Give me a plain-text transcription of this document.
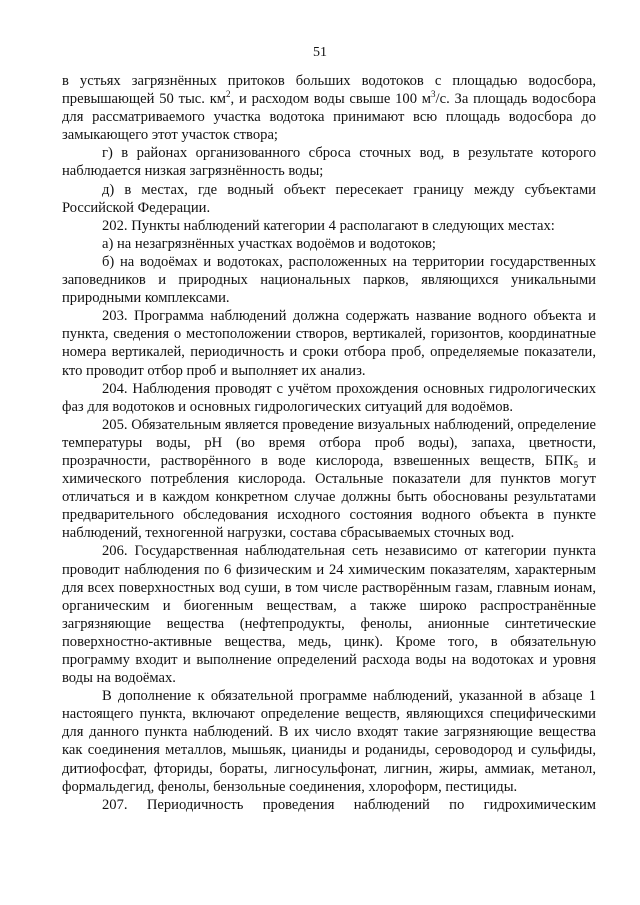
51

в устьях загрязнённых притоков больших водотоков с площадью водосбора, превышающей 50 тыс. $км^2$, и расходом воды свыше 100 $м^3/с$. За площадь водосбора для рассматриваемого участка водотока принимают всю площадь водосбора до замыкающего этот участок створа;

г) в районах организованного сброса сточных вод, в результате которого наблюдается низкая загрязнённость воды;

д) в местах, где водный объект пересекает границу между субъектами Российской Федерации.

202. Пункты наблюдений категории 4 располагают в следующих местах:

а) на незагрязнённых участках водоёмов и водотоков;

б) на водоёмах и водотоках, расположенных на территории государственных заповедников и природных национальных парков, являющихся уникальными природными комплексами.

203. Программа наблюдений должна содержать название водного объекта и пункта, сведения о местоположении створов, вертикалей, горизонтов, координатные номера вертикалей, периодичность и сроки отбора проб, определяемые показатели, кто проводит отбор проб и выполняет их анализ.

204. Наблюдения проводят с учётом прохождения основных гидрологических фаз для водотоков и основных гидрологических ситуаций для водоёмов.

205. Обязательным является проведение визуальных наблюдений, определение температуры воды, pH (во время отбора проб воды), запаха, цветности, прозрачности, растворённого в воде кислорода, взвешенных веществ, $БПК_5$ и химического потребления кислорода. Остальные показатели для пунктов могут отличаться и в каждом конкретном случае должны быть обоснованы результатами предварительного обследования исходного состояния водного объекта в пункте наблюдений, техногенной нагрузки, состава сбрасываемых сточных вод.

206. Государственная наблюдательная сеть независимо от категории пункта проводит наблюдения по 6 физическим и 24 химическим показателям, характерным для всех поверхностных вод суши, в том числе растворённым газам, главным ионам, органическим и биогенным веществам, а также широко распространённые загрязняющие вещества (нефтепродукты, фенолы, анионные синтетические поверхностно-активные вещества, медь, цинк). Кроме того, в обязательную программу входит и выполнение определений расхода воды на водотоках и уровня воды на водоёмах.

В дополнение к обязательной программе наблюдений, указанной в абзаце 1 настоящего пункта, включают определение веществ, являющихся специфическими для данного пункта наблюдений. В их число входят такие загрязняющие вещества как соединения металлов, мышьяк, цианиды и роданиды, сероводород и сульфиды, дитиофосфат, фториды, бораты, лигносульфонат, лигнин, жиры, аммиак, метанол, формальдегид, фенолы, бензольные соединения, хлороформ, пестициды.

207. Периодичность проведения наблюдений по гидрохимическим
